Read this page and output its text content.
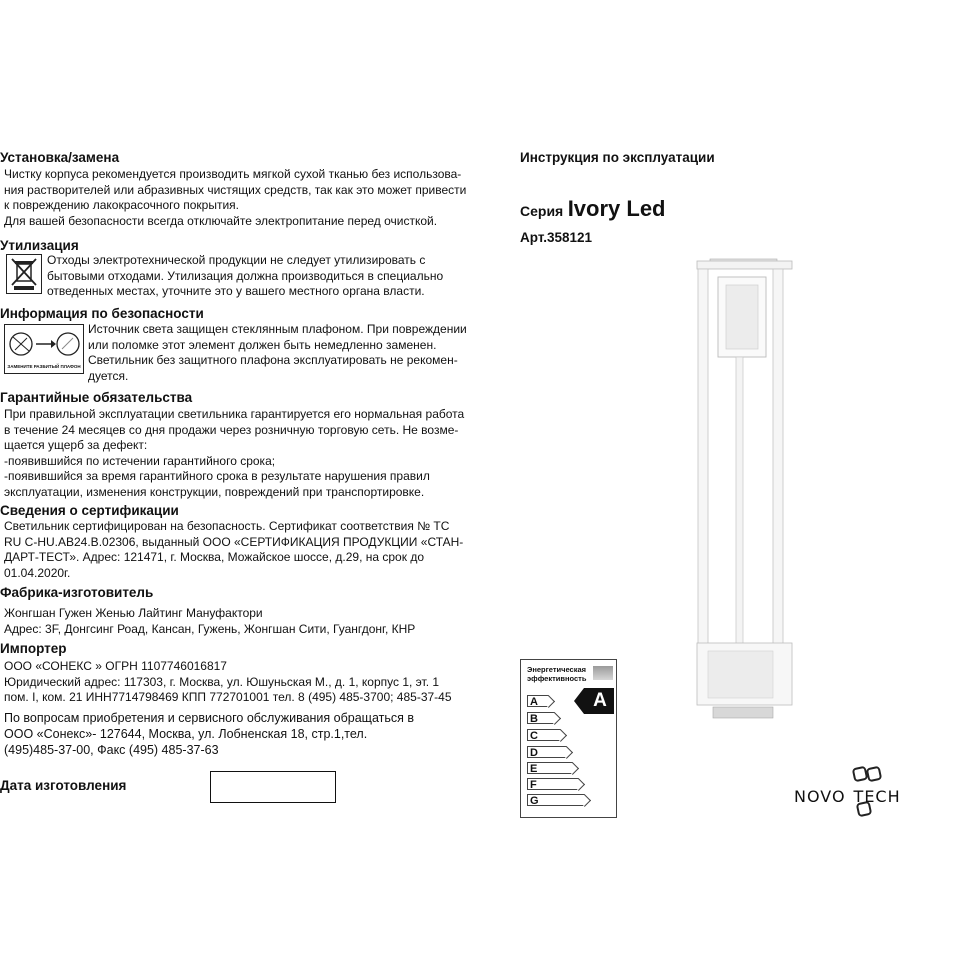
Установка/замена
Чистку корпуса рекомендуется производить мягкой сухой тканью без использова-
ния растворителей или абразивных чистящих средств, так как это может привести
к повреждению лакокрасочного покрытия.
Для вашей безопасности всегда отключайте электропитание перед очисткой.
Утилизация
Отходы электротехнической продукции не следует утилизировать с
бытовыми отходами. Утилизация должна производиться в специально
отведенных местах, уточните это у вашего местного органа власти.
Информация по безопасности
ЗАМЕНИТЕ РАЗБИТЫЙ ПЛАФОН
Источник света защищен стеклянным плафоном. При повреждении
или поломке этот элемент должен быть немедленно заменен.
Светильник без защитного плафона эксплуатировать не рекомен-
дуется.
Гарантийные обязательства
При правильной эксплуатации светильника гарантируется его нормальная работа
в течение 24 месяцев со дня продажи через розничную торговую сеть. Не возме-
щается ущерб за дефект:
-появившийся по истечении гарантийного срока;
-появившийся за время гарантийного срока в результате нарушения правил
эксплуатации, изменения конструкции, повреждений при транспортировке.
Сведения о сертификации
Светильник сертифицирован на безопасность. Сертификат соответствия № ТС
RU C-HU.AB24.B.02306, выданный ООО «СЕРТИФИКАЦИЯ ПРОДУКЦИИ «СТАН-
ДАРТ-ТЕСТ». Адрес: 121471, г. Москва, Можайское шоссе, д.29, на срок до
01.04.2020г.
Фабрика-изготовитель
Жонгшан Гужен Женью Лайтинг Мануфактори
Адрес: 3F, Донгсинг Роад, Кансан, Гужень, Жонгшан Сити, Гуангдонг, КНР
Импортер
ООО «СОНЕКС » ОГРН 1107746016817
Юридический адрес: 117303, г. Москва, ул. Юшуньская М., д. 1, корпус 1, эт. 1
пом. I, ком. 21 ИНН7714798469 КПП 772701001 тел. 8 (495) 485-3700; 485-37-45
По вопросам приобретения и сервисного обслуживания обращаться в
ООО «Сонекс»- 127644, Москва, ул. Лобненская 18, стр.1,тел.
(495)485-37-00, Факс (495) 485-37-63
Дата изготовления
Инструкция по эксплуатации
Серия Ivory Led
Арт.358121
Энергетическая
эффективность
A
B
C
D
E
F
G
A
NOVO TECH
